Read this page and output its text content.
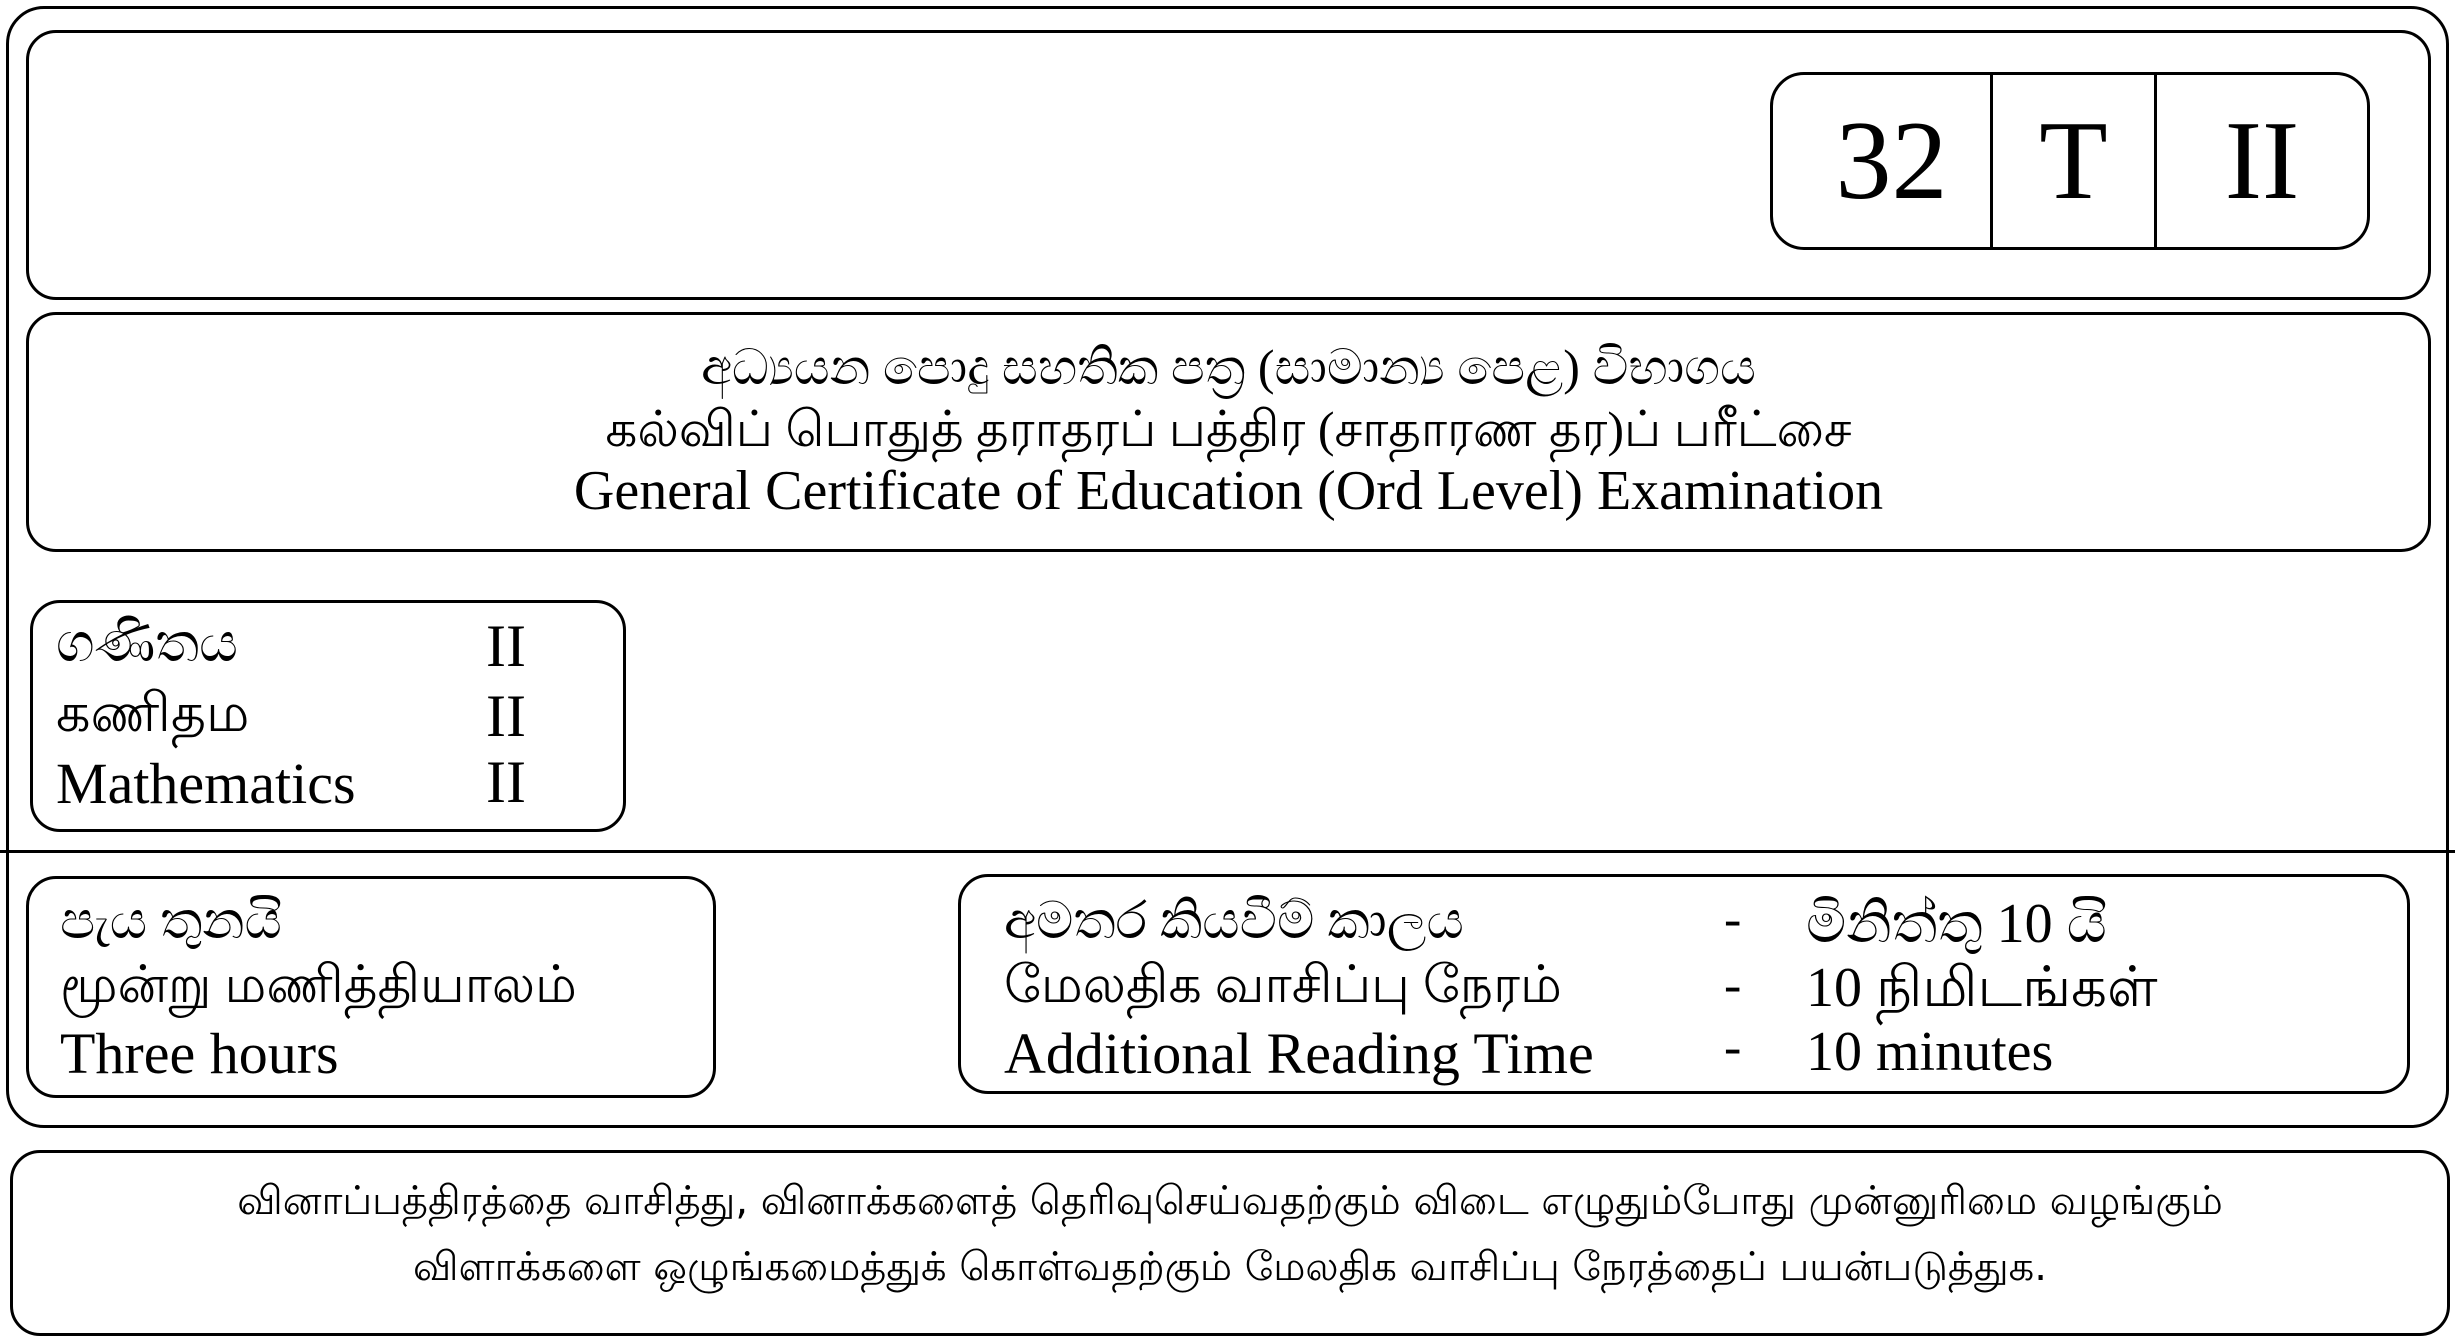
32 T	II
අධ්‍යයන පොදු සහතික පත්‍ර (සාමාන්‍ය පෙළ) විභාගය
கல்விப் பொதுத் தராதரப் பத்திர (சாதாரண தர)ப் பரீட்சை
General Certificate of Education (Ord Level) Examination
ගණිතය	II
கணிதம	II
Mathematics II
පැය තුනයි
மூன்று மணித்தியாலம்
Three hours
අමතර කියවීම් කාලය	- මිනිත්තු 10 යි
மேலதிக வாசிப்பு நேரம்	- 10 நிமிடங்கள்
Additional Reading Time	- 10 minutes
வினாப்பத்திரத்தை வாசித்து, வினாக்களைத் தெரிவுசெய்வதற்கும் விடை எழுதும்போது முன்னுரிமை வழங்கும்
விளாக்களை ஒழுங்கமைத்துக் கொள்வதற்கும் மேலதிக வாசிப்பு நேரத்தைப் பயன்படுத்துக.
